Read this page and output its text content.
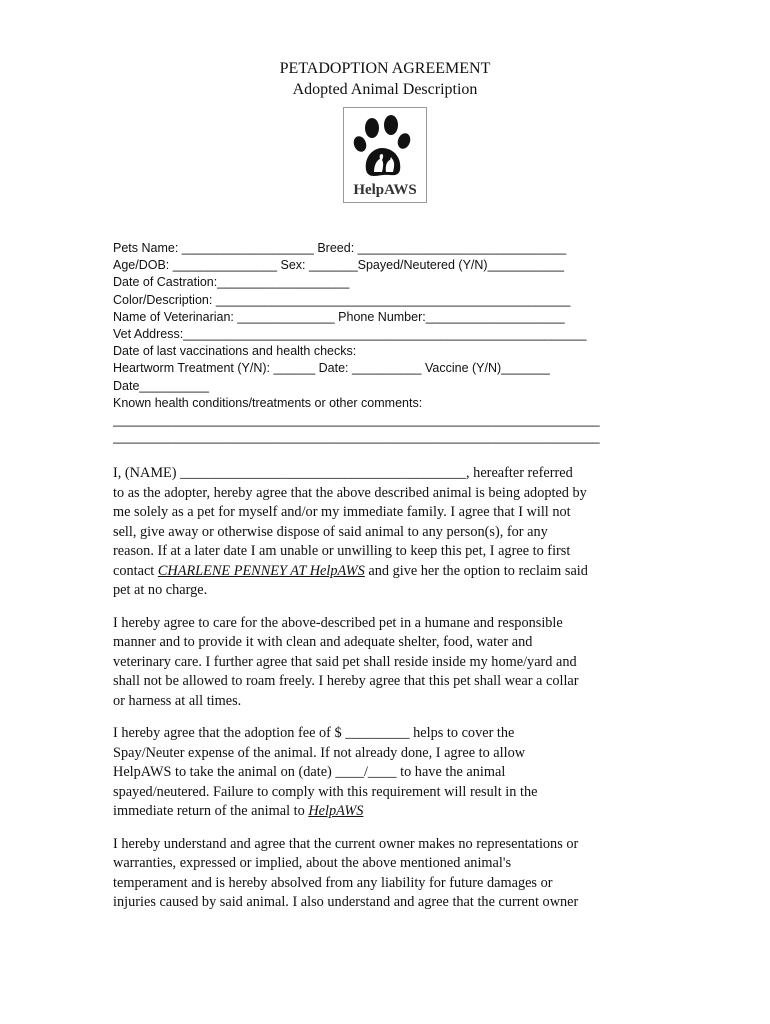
PETADOPTION AGREEMENT
Adopted Animal Description
HelpAWS
Pets Name: ___________________ Breed: ______________________________
Age/DOB: _______________ Sex: _______Spayed/Neutered (Y/N)___________
Date of Castration:___________________
Color/Description: ___________________________________________________
Name of Veterinarian: ______________ Phone Number:____________________
Vet Address:__________________________________________________________
Date of last vaccinations and health checks:
Heartworm Treatment (Y/N): ______ Date: __________ Vaccine (Y/N)_______
Date__________
Known health conditions/treatments or other comments:
______________________________________________________________________
______________________________________________________________________

I, (NAME) ________________________________________, hereafter referred
to as the adopter, hereby agree that the above described animal is being adopted by
me solely as a pet for myself and/or my immediate family. I agree that I will not
sell, give away or otherwise dispose of said animal to any person(s), for any
reason. If at a later date I am unable or unwilling to keep this pet, I agree to first
contact CHARLENE PENNEY AT HelpAWS and give her the option to reclaim said
pet at no charge.

I hereby agree to care for the above-described pet in a humane and responsible
manner and to provide it with clean and adequate shelter, food, water and
veterinary care. I further agree that said pet shall reside inside my home/yard and
shall not be allowed to roam freely. I hereby agree that this pet shall wear a collar
or harness at all times.

I hereby agree that the adoption fee of $ _________ helps to cover the
Spay/Neuter expense of the animal. If not already done, I agree to allow
HelpAWS to take the animal on (date) ____/____ to have the animal
spayed/neutered. Failure to comply with this requirement will result in the
immediate return of the animal to HelpAWS

I hereby understand and agree that the current owner makes no representations or
warranties, expressed or implied, about the above mentioned animal's
temperament and is hereby absolved from any liability for future damages or
injuries caused by said animal. I also understand and agree that the current owner
